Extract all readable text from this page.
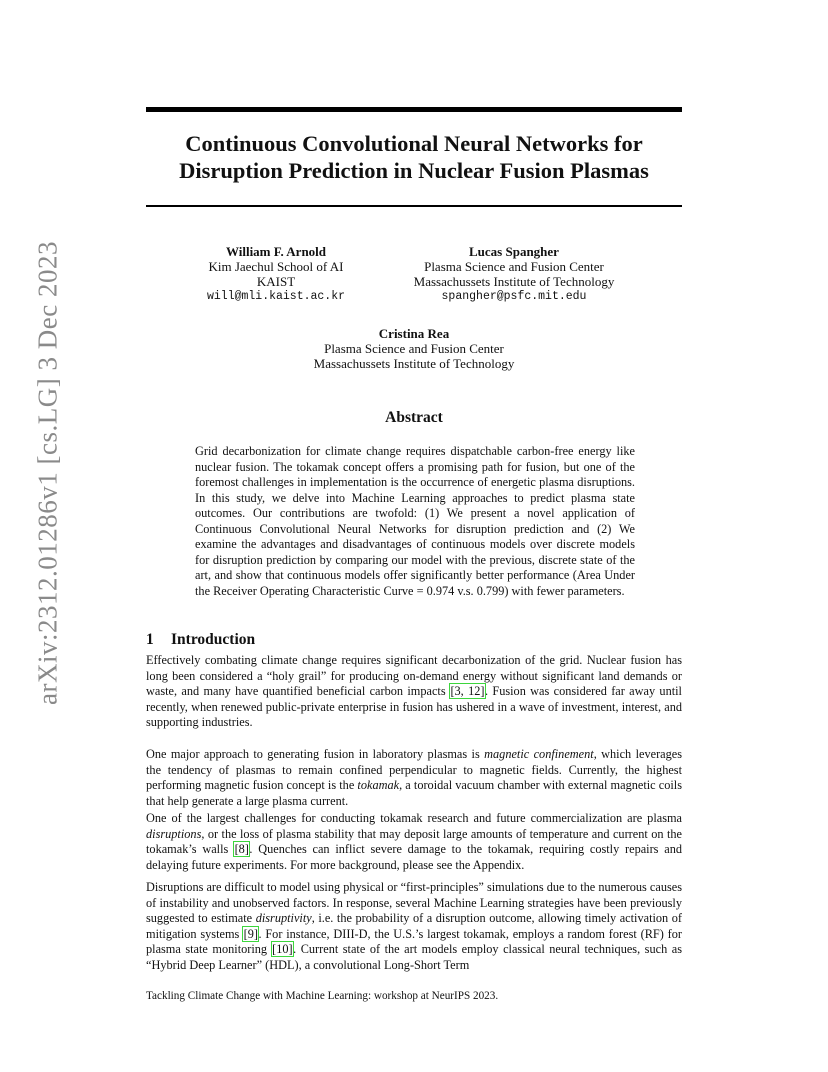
arXiv:2312.01286v1 [cs.LG] 3 Dec 2023
Continuous Convolutional Neural Networks for
Disruption Prediction in Nuclear Fusion Plasmas
William F. Arnold
Kim Jaechul School of AI
KAIST
will@mli.kaist.ac.kr
Lucas Spangher
Plasma Science and Fusion Center
Massachussets Institute of Technology
spangher@psfc.mit.edu
Cristina Rea
Plasma Science and Fusion Center
Massachussets Institute of Technology
Abstract
Grid decarbonization for climate change requires dispatchable carbon-free energy like nuclear fusion. The tokamak concept offers a promising path for fusion, but one of the foremost challenges in implementation is the occurrence of energetic plasma disruptions. In this study, we delve into Machine Learning approaches to predict plasma state outcomes. Our contributions are twofold: (1) We present a novel application of Continuous Convolutional Neural Networks for disruption prediction and (2) We examine the advantages and disadvantages of continuous models over discrete models for disruption prediction by comparing our model with the previous, discrete state of the art, and show that continuous models offer significantly better performance (Area Under the Receiver Operating Characteristic Curve = 0.974 v.s. 0.799) with fewer parameters.
1 Introduction

Effectively combating climate change requires significant decarbonization of the grid. Nuclear fusion has long been considered a “holy grail” for producing on-demand energy without significant land demands or waste, and many have quantified beneficial carbon impacts [3, 12]. Fusion was considered far away until recently, when renewed public-private enterprise in fusion has ushered in a wave of investment, interest, and supporting industries.

One major approach to generating fusion in laboratory plasmas is magnetic confinement, which leverages the tendency of plasmas to remain confined perpendicular to magnetic fields. Currently, the highest performing magnetic fusion concept is the tokamak, a toroidal vacuum chamber with external magnetic coils that help generate a large plasma current.

One of the largest challenges for conducting tokamak research and future commercialization are plasma disruptions, or the loss of plasma stability that may deposit large amounts of temperature and current on the tokamak’s walls [8]. Quenches can inflict severe damage to the tokamak, requiring costly repairs and delaying future experiments. For more background, please see the Appendix.

Disruptions are difficult to model using physical or “first-principles” simulations due to the numerous causes of instability and unobserved factors. In response, several Machine Learning strategies have been previously suggested to estimate disruptivity, i.e. the probability of a disruption outcome, allowing timely activation of mitigation systems [9]. For instance, DIII-D, the U.S.’s largest tokamak, employs a random forest (RF) for plasma state monitoring [10]. Current state of the art models employ classical neural techniques, such as “Hybrid Deep Learner” (HDL), a convolutional Long-Short Term

Tackling Climate Change with Machine Learning: workshop at NeurIPS 2023.
